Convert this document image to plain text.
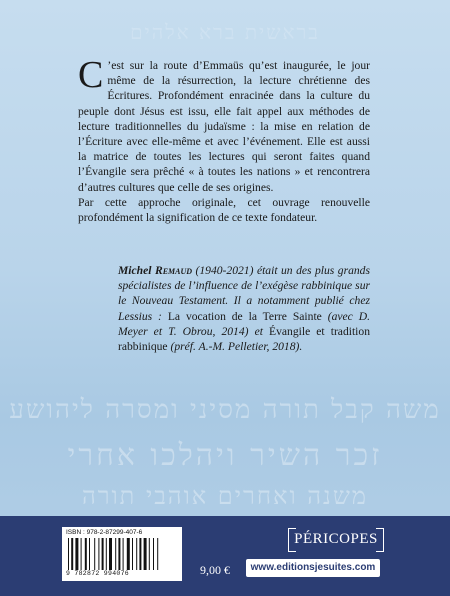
בראשית ברא אלהים
משה קבל תורה מסיני ומסרה ליהושע
זכר השיר ויהלכו אחרי
משנה ואחרים אוהבי תורה

C ’est sur la route d’Emmaüs qu’est inaugurée, le jour même de la résurrection, la lecture chrétienne des Écritures. Profondément enracinée dans la culture du peuple dont Jésus est issu, elle fait appel aux méthodes de lecture traditionnelles du judaïsme : la mise en relation de l’Écriture avec elle-même et avec l’événement. Elle est aussi la matrice de toutes les lectures qui seront faites quand l’Évangile sera prêché « à toutes les nations » et rencontrera d’autres cultures que celle de ses origines.

Par cette approche originale, cet ouvrage renouvelle profondément la signification de ce texte fondateur.

Michel Remaud (1940-2021) était un des plus grands spécialistes de l’influence de l’exégèse rabbinique sur le Nouveau Testament. Il a notamment publié chez Lessius : La vocation de la Terre Sainte (avec D. Meyer et T. Obrou, 2014) et Évangile et tradition rabbinique (préf. A.-M. Pelletier, 2018).
ISBN : 978-2-87299-407-6
9 782872 994076	9,00 €
PÉRICOPES
www.editionsjesuites.com
